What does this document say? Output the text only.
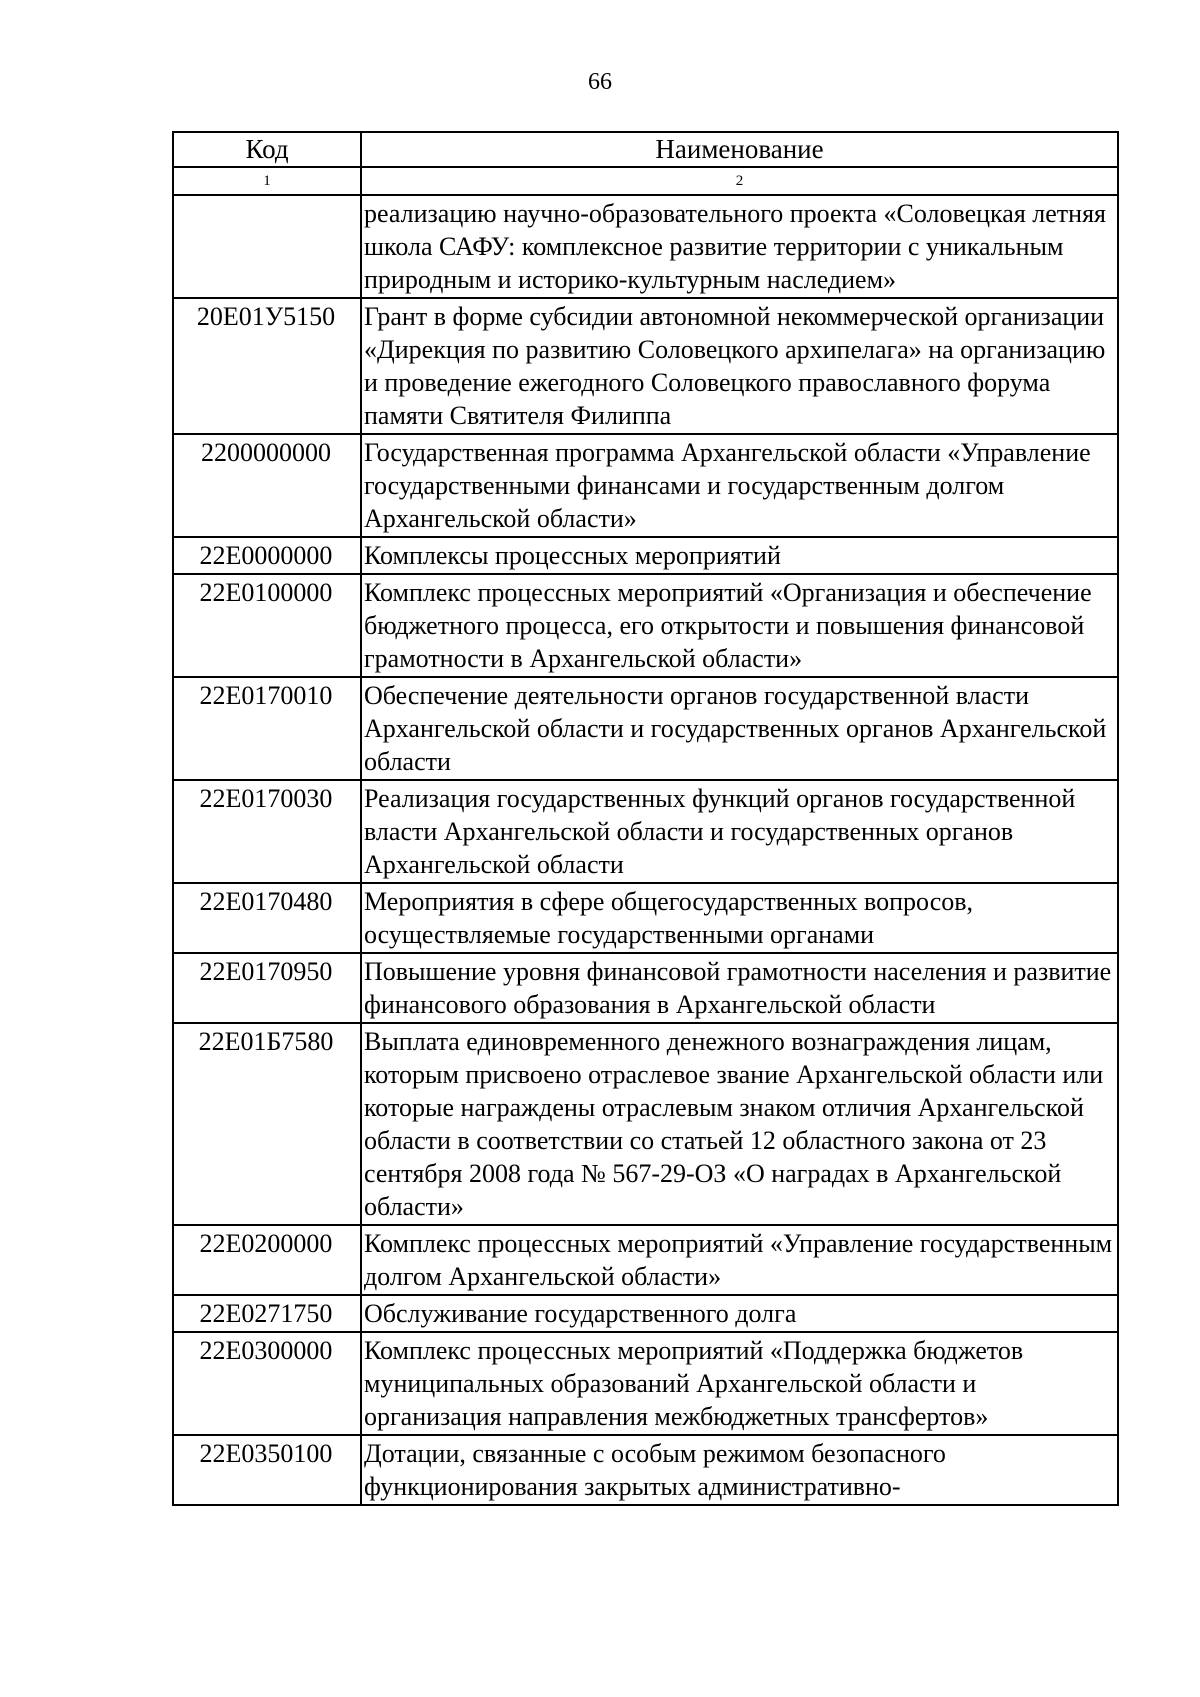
66
Код	Наименование
1	2
	реализацию научно-образовательного проекта «Соловецкая летняя школа САФУ: комплексное развитие территории с уникальным природным и историко-культурным наследием»
20Е01У5150	Грант в форме субсидии автономной некоммерческой организации «Дирекция по развитию Соловецкого архипелага» на организацию и проведение ежегодного Соловецкого православного форума памяти Святителя Филиппа
2200000000	Государственная программа Архангельской области «Управление государственными финансами и государственным долгом Архангельской области»
22Е0000000	Комплексы процессных мероприятий
22Е0100000	Комплекс процессных мероприятий «Организация и обеспечение бюджетного процесса, его открытости и повышения финансовой грамотности в Архангельской области»
22Е0170010	Обеспечение деятельности органов государственной власти Архангельской области и государственных органов Архангельской области
22Е0170030	Реализация государственных функций органов государственной власти Архангельской области и государственных органов Архангельской области
22Е0170480	Мероприятия в сфере общегосударственных вопросов, осуществляемые государственными органами
22Е0170950	Повышение уровня финансовой грамотности населения и развитие финансового образования в Архангельской области
22Е01Б7580	Выплата единовременного денежного вознаграждения лицам, которым присвоено отраслевое звание Архангельской области или которые награждены отраслевым знаком отличия Архангельской области в соответствии со статьей 12 областного закона от 23 сентября 2008 года № 567-29-ОЗ «О наградах в Архангельской области»
22Е0200000	Комплекс процессных мероприятий «Управление государственным долгом Архангельской области»
22Е0271750	Обслуживание государственного долга
22Е0300000	Комплекс процессных мероприятий «Поддержка бюджетов муниципальных образований Архангельской области и организация направления межбюджетных трансфертов»
22Е0350100	Дотации, связанные с особым режимом безопасного функционирования закрытых административно-
